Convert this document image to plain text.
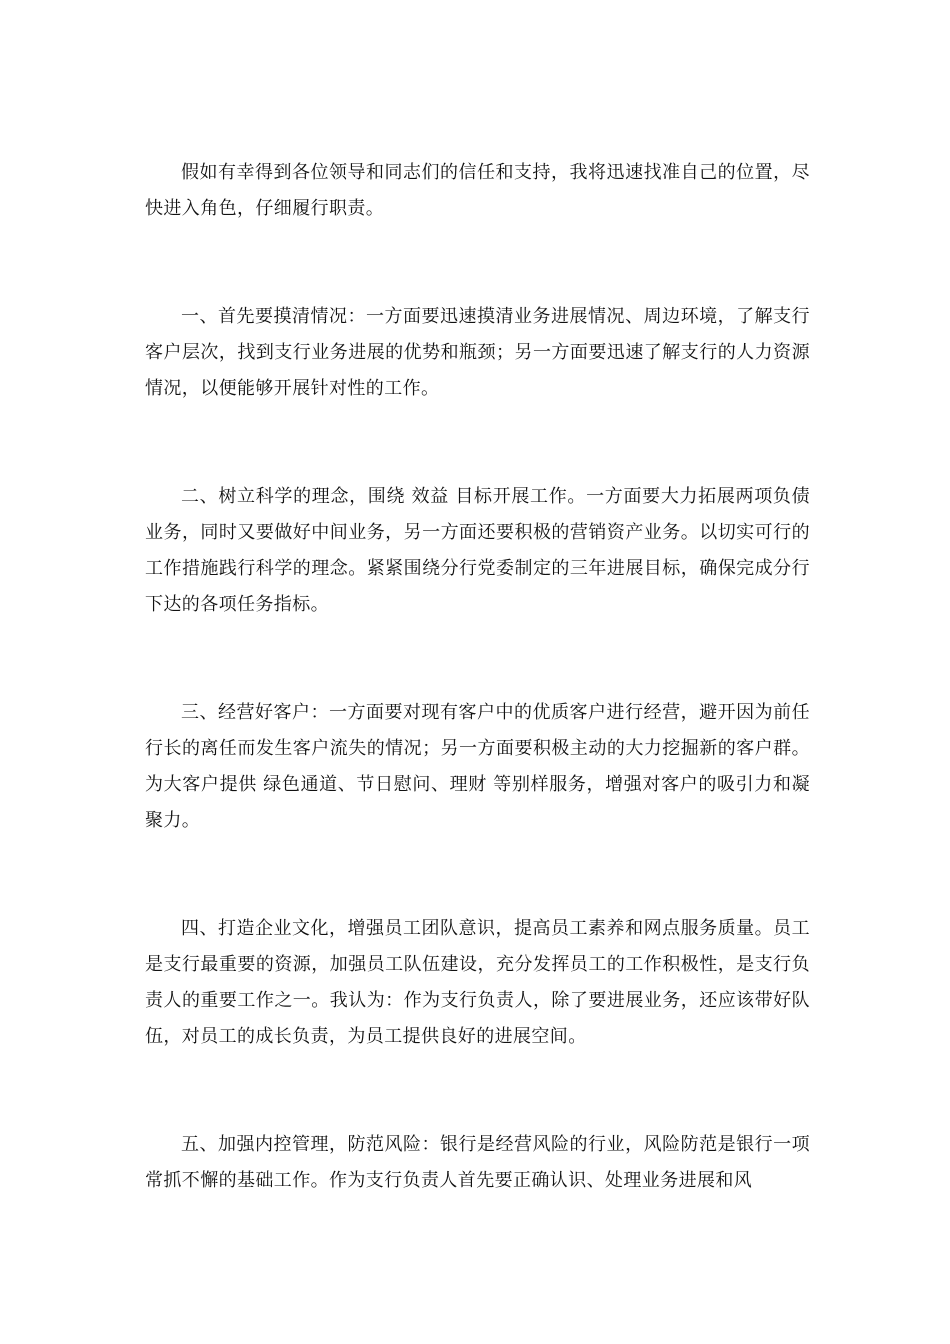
假如有幸得到各位领导和同志们的信任和支持，我将迅速找准自己的位置，尽快进入角色，仔细履行职责。

一、首先要摸清情况：一方面要迅速摸清业务进展情况、周边环境，了解支行客户层次，找到支行业务进展的优势和瓶颈；另一方面要迅速了解支行的人力资源情况，以便能够开展针对性的工作。

二、树立科学的理念，围绕 效益 目标开展工作。一方面要大力拓展两项负债业务，同时又要做好中间业务，另一方面还要积极的营销资产业务。以切实可行的工作措施践行科学的理念。紧紧围绕分行党委制定的三年进展目标，确保完成分行下达的各项任务指标。

三、经营好客户：一方面要对现有客户中的优质客户进行经营，避开因为前任行长的离任而发生客户流失的情况；另一方面要积极主动的大力挖掘新的客户群。为大客户提供 绿色通道、节日慰问、理财 等别样服务，增强对客户的吸引力和凝聚力。

四、打造企业文化，增强员工团队意识，提高员工素养和网点服务质量。员工是支行最重要的资源，加强员工队伍建设，充分发挥员工的工作积极性，是支行负责人的重要工作之一。我认为：作为支行负责人，除了要进展业务，还应该带好队伍，对员工的成长负责，为员工提供良好的进展空间。

五、加强内控管理，防范风险：银行是经营风险的行业，风险防范是银行一项常抓不懈的基础工作。作为支行负责人首先要正确认识、处理业务进展和风
